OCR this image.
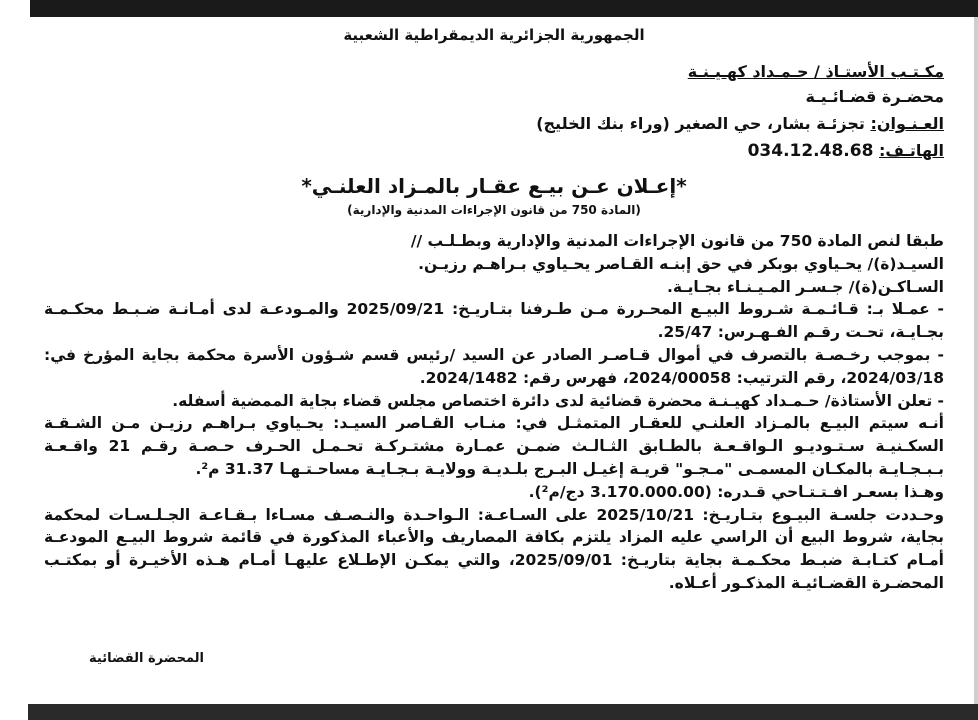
الجمهورية الجزائرية الديمقراطية الشعبية
مكـتـب الأستـاذ / حـمـداد كهـيـنـة
محضـرة قضـائـيـة
العـنـوان: تجزئـة بشار، حي الصغير (وراء بنك الخليج)
الهاتـف: 034.12.48.68
*إعـلان عـن بيـع عقـار بالمـزاد العلنـي*
(المادة 750 من قانون الإجراءات المدنية والإدارية)

طبقا لنص المادة 750 من قانون الإجراءات المدنية والإدارية وبطـلـب //

السيـد(ة)/ يحـياوي بوبكر في حق إبنـه القـاصر يحـياوي بـراهـم رزيـن.

السـاكـن(ة)/ جـسـر المـيـنـاء بجـايـة.

- عمـلا بـ: قـائـمـة شـروط البيـع المحـررة مـن طـرفنا بتـاريـخ: 2025/09/21 والمـودعـة لدى أمـانـة ضـبـط محكـمـة بجـايـة، تحـت رقـم الفـهـرس: 25/47.

- بموجب رخـصـة بالتصرف في أموال قـاصـر الصادر عن السيد /رئيس قسم شـؤون الأسرة محكمة بجاية المؤرخ في: 2024/03/18، رقم الترتيب: 2024/00058، فهرس رقم: 2024/1482.

- تعلن الأستاذة/ حـمـداد كهيـنـة محضرة قضائية لدى دائرة اختصاص مجلس قضاء بجاية الممضية أسفله.

أنـه سيتم البيـع بالمـزاد العلنـي للعقـار المتمثـل في: منـاب القـاصر السيـد: يحـياوي بـراهـم رزيـن مـن الشـقـة السكـنيـة سـتـوديـو الـواقـعـة بالطـابق الثـالـث ضمـن عمـارة مشتـركـة تحـمـل الحـرف حـصـة رقـم 21 واقـعـة بـبـجـايـة بالمكـان المسمـى "مـجـو" قريـة إغيـل البـرج بلـديـة وولايـة بـجـايـة مساحـتـهـا 31.37 م².

وهـذا بسعـر افـتـتـاحي قـدره: (3.170.000.00 دج/م²).

وحـددت جلسـة البيـوع بتـاريـخ: 2025/10/21 على السـاعـة: الـواحـدة والنـصـف مسـاءا بـقـاعـة الجـلـسـات لمحكمة بجاية، شروط البيع أن الراسي عليه المزاد يلتزم بكافة المصاريف والأعباء المذكورة في قائمة شروط البيـع المودعـة أمـام كتـابـة ضبـط محكـمـة بجاية بتاريـخ: 2025/09/01، والتي يمكـن الإطـلاع عليهـا أمـام هـذه الأخيـرة أو بمكتـب المحضـرة القضـائيـة المذكـور أعـلاه.

المحضرة القضائية
